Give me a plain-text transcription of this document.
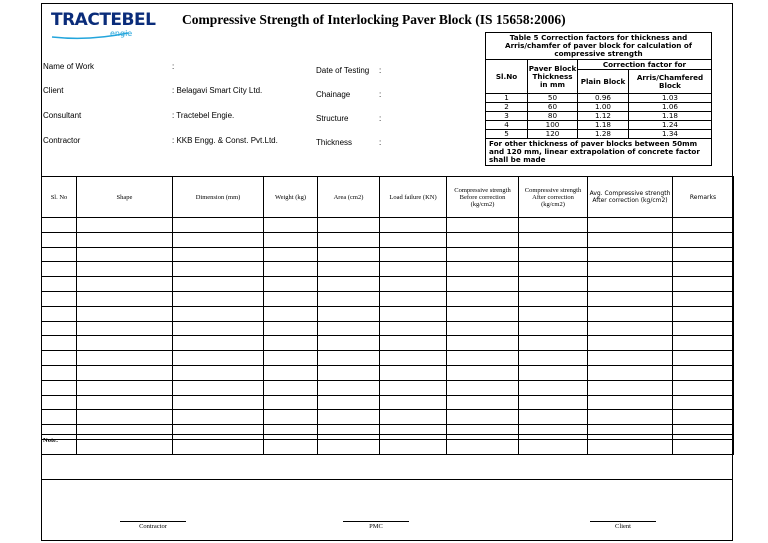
TRACTEBEL
engie
Compressive Strength of Interlocking Paver Block (IS 15658:2006)
Name of Work	:
Client	: Belagavi Smart City Ltd.
Consultant	: Tractebel Engie.
Contractor	: KKB Engg. & Const. Pvt.Ltd.
Date of Testing :
Chainage	:
Structure	:
Thickness	:
Table 5 Correction factors for thickness and Arris/chamfer of paver block for calculation of compressive strength			
Sl.No	Paver Block Thickness in mm	Correction factor for	
		Plain Block	Arris/Chamfered Block
1	50	0.96	1.03
2	60	1.00	1.06
3	80	1.12	1.18
4	100	1.18	1.24
5	120	1.28	1.34
For other thickness of paver blocks between 50mm and 120 mm, linear extrapolation of concrete factor shall be made			
Sl. No	Shape	Dimension (mm)	Weight (kg)	Area (cm2)	Load failure (KN)	Compressive strength Before correction (kg/cm2)	Compressive strength After correction (kg/cm2)	Avg. Compressive strength After correction (kg/cm2)	Remarks

Note:
Contractor	PMC	Client
